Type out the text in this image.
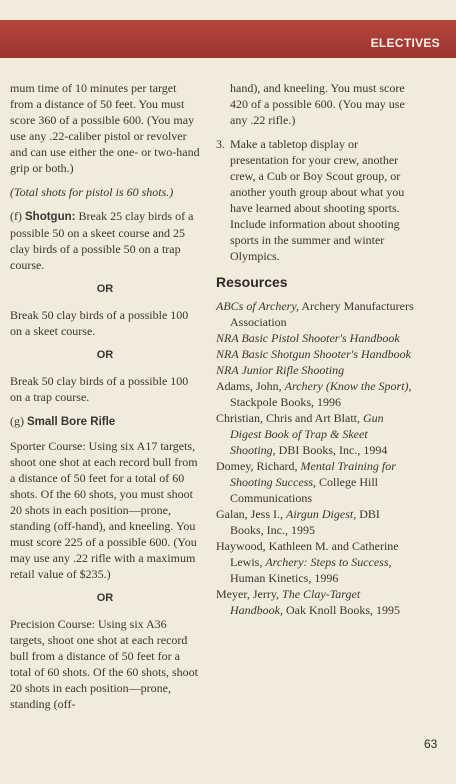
ELECTIVES

mum time of 10 minutes per target from a distance of 50 feet. You must score 360 of a possible 600. (You may use any .22-caliber pistol or revolver and can use either the one- or two-hand grip or both.)

(Total shots for pistol is 60 shots.)

(f) Shotgun: Break 25 clay birds of a possible 50 on a skeet course and 25 clay birds of a possible 50 on a trap course.

OR

Break 50 clay birds of a possible 100 on a skeet course.

OR

Break 50 clay birds of a possible 100 on a trap course.

(g) Small Bore Rifle

Sporter Course: Using six A17 targets, shoot one shot at each record bull from a distance of 50 feet for a total of 60 shots. Of the 60 shots, you must shoot 20 shots in each position—prone, standing (off-hand), and kneeling. You must score 225 of a possible 600. (You may use any .22 rifle with a maximum retail value of $235.)

OR

Precision Course: Using six A36 targets, shoot one shot at each record bull from a distance of 50 feet for a total of 60 shots. Of the 60 shots, shoot 20 shots in each position—prone, standing (off-

hand), and kneeling. You must score 420 of a possible 600. (You may use any .22 rifle.)

3. Make a tabletop display or presentation for your crew, another crew, a Cub or Boy Scout group, or another youth group about what you have learned about shooting sports. Include information about shooting sports in the summer and winter Olympics.
Resources

ABCs of Archery, Archery Manufacturers Association

NRA Basic Pistol Shooter's Handbook

NRA Basic Shotgun Shooter's Handbook

NRA Junior Rifle Shooting

Adams, John, Archery (Know the Sport), Stackpole Books, 1996

Christian, Chris and Art Blatt, Gun Digest Book of Trap & Skeet Shooting, DBI Books, Inc., 1994

Domey, Richard, Mental Training for Shooting Success, College Hill Communications

Galan, Jess I., Airgun Digest, DBI Books, Inc., 1995

Haywood, Kathleen M. and Catherine Lewis, Archery: Steps to Success, Human Kinetics, 1996

Meyer, Jerry, The Clay-Target Handbook, Oak Knoll Books, 1995

63
